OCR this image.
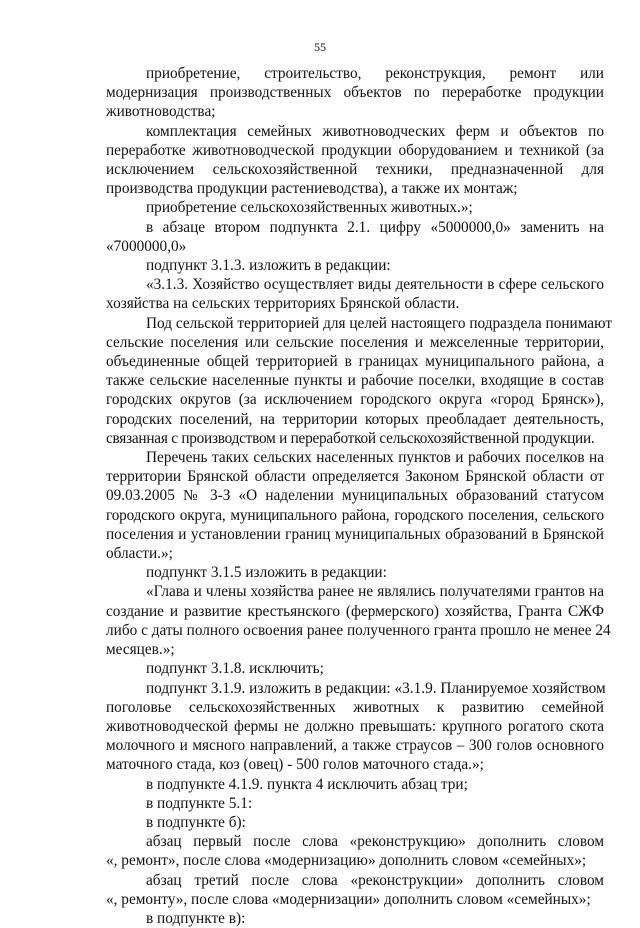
55
приобретение, строительство, реконструкция, ремонт или
модернизация производственных объектов по переработке продукции
животноводства;
комплектация семейных животноводческих ферм и объектов по
переработке животноводческой продукции оборудованием и техникой (за
исключением сельскохозяйственной техники, предназначенной для
производства продукции растениеводства), а также их монтаж;
приобретение сельскохозяйственных животных.»;
в абзаце втором подпункта 2.1. цифру «5000000,0» заменить на
«7000000,0»
подпункт 3.1.3. изложить в редакции:
«3.1.3. Хозяйство осуществляет виды деятельности в сфере сельского
хозяйства на сельских территориях Брянской области.
Под сельской территорией для целей настоящего подраздела понимают
сельские поселения или сельские поселения и межселенные территории,
объединенные общей территорией в границах муниципального района, а
также сельские населенные пункты и рабочие поселки, входящие в состав
городских округов (за исключением городского округа «город Брянск»),
городских поселений, на территории которых преобладает деятельность,
связанная с производством и переработкой сельскохозяйственной продукции.
Перечень таких сельских населенных пунктов и рабочих поселков на
территории Брянской области определяется Законом Брянской области от
09.03.2005 № 3-З «О наделении муниципальных образований статусом
городского округа, муниципального района, городского поселения, сельского
поселения и установлении границ муниципальных образований в Брянской
области.»;
подпункт 3.1.5 изложить в редакции:
«Глава и члены хозяйства ранее не являлись получателями грантов на
создание и развитие крестьянского (фермерского) хозяйства, Гранта СЖФ
либо с даты полного освоения ранее полученного гранта прошло не менее 24
месяцев.»;
подпункт 3.1.8. исключить;
подпункт 3.1.9. изложить в редакции: «3.1.9. Планируемое хозяйством
поголовье сельскохозяйственных животных к развитию семейной
животноводческой фермы не должно превышать: крупного рогатого скота
молочного и мясного направлений, а также страусов – 300 голов основного
маточного стада, коз (овец) - 500 голов маточного стада.»;
в подпункте 4.1.9. пункта 4 исключить абзац три;
в подпункте 5.1:
в подпункте б):
абзац первый после слова «реконструкцию» дополнить словом
«, ремонт», после слова «модернизацию» дополнить словом «семейных»;
абзац третий после слова «реконструкции» дополнить словом
«, ремонту», после слова «модернизации» дополнить словом «семейных»;
в подпункте в):
